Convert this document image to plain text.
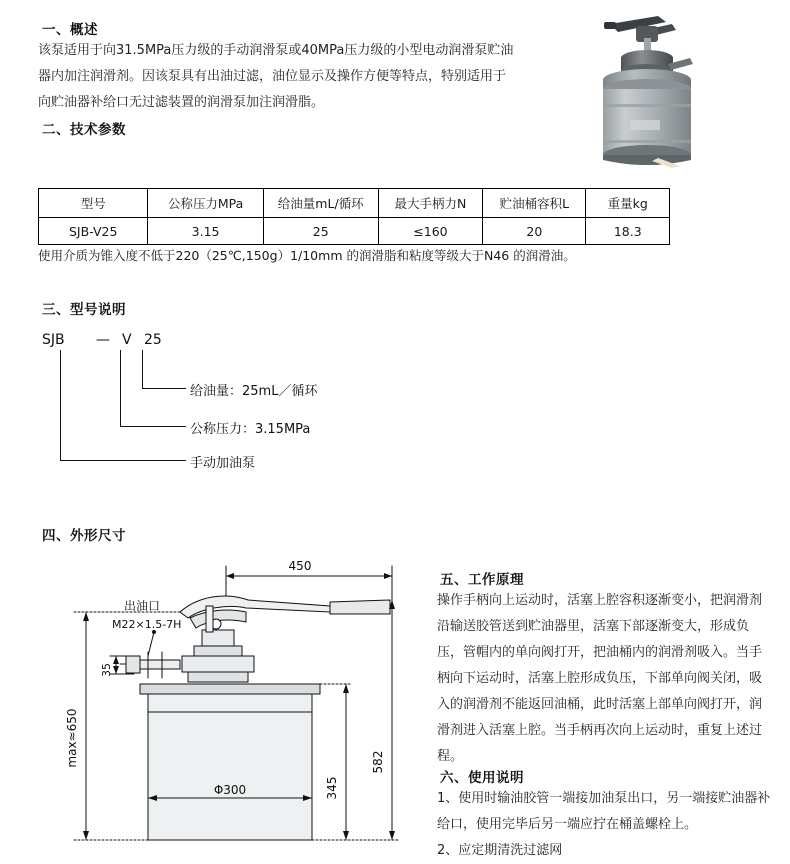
一、概述
该泵适用于向31.5MPa压力级的手动润滑泵或40MPa压力级的小型电动润滑泵贮油器内加注润滑剂。因该泵具有出油过滤，油位显示及操作方便等特点，特别适用于向贮油器补给口无过滤装置的润滑泵加注润滑脂。
二、技术参数
型号	公称压力MPa	给油量mL/循环	最大手柄力N	贮油桶容积L	重量kg
SJB-V25	3.15	25	≤160	20	18.3
使用介质为锥入度不低于220（25℃,150g）1/10mm 的润滑脂和粘度等级大于N46 的润滑油。
三、型号说明
SJB — V 25
给油量：25mL／循环
公称压力：3.15MPa
手动加油泵
四、外形尺寸
450
出油口
M22×1.5-7H
35
max≈650
Φ300
582
345
五、工作原理
操作手柄向上运动时，活塞上腔容积逐渐变小，把润滑剂沿输送胶管送到贮油器里，活塞下部逐渐变大，形成负压，管帽内的单向阀打开，把油桶内的润滑剂吸入。当手柄向下运动时，活塞上腔形成负压，下部单向阀关闭，吸入的润滑剂不能返回油桶，此时活塞上部单向阀打开，润滑剂进入活塞上腔。当手柄再次向上运动时，重复上述过程。
六、使用说明
1、使用时输油胶管一端接加油泵出口，另一端接贮油器补给口，使用完毕后另一端应拧在桶盖螺栓上。
2、应定期清洗过滤网
